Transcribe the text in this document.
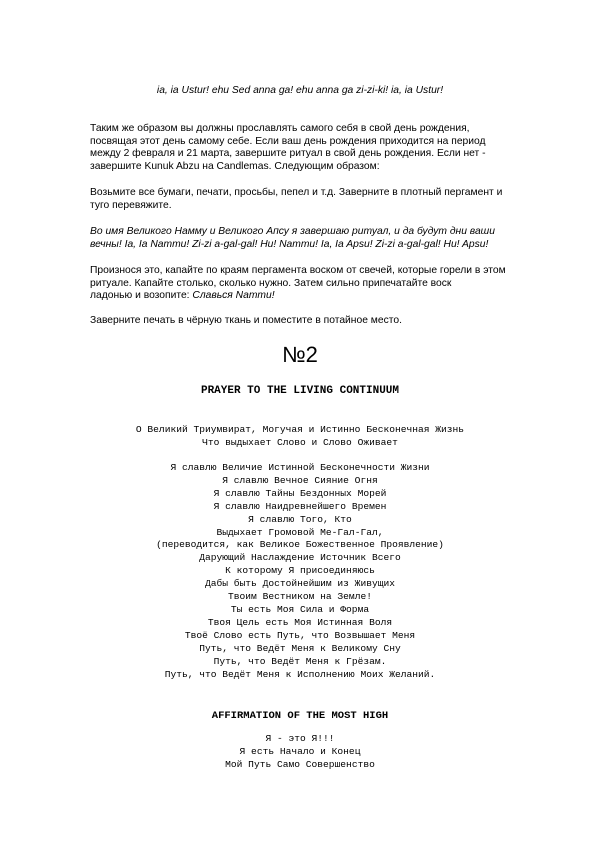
ia, ia Ustur! ehu Sed anna ga! ehu anna ga zi-zi-ki! ia, ia Ustur!

Таким же образом вы должны прославлять самого себя в свой день рождения,
посвящая этот день самому себе. Если ваш день рождения приходится на период
между 2 февраля и 21 марта, завершите ритуал в свой день рождения. Если нет -
завершите Kunuk Abzu на Candlemas. Следующим образом:

Возьмите все бумаги, печати, просьбы, пепел и т.д. Заверните в плотный пергамент и
туго перевяжите.

Во имя Великого Намму и Великого Апсу я завершаю ритуал, и да будут дни ваши
вечны! Ia, Ia Nammu! Zi-zi a-gal-gal! Hu! Nammu! Ia, Ia Apsu! Zi-zi a-gal-gal! Hu! Apsu!

Произнося это, капайте по краям пергамента воском от свечей, которые горели в этом
ритуале. Капайте столько, сколько нужно. Затем сильно припечатайте воск
ладонью и возопите: Славься Nammu!

Заверните печать в чёрную ткань и поместите в потайное место.

№2
PRAYER TO THE LIVING CONTINUUM
О Великий Триумвират, Могучая и Истинно Бесконечная Жизнь
Что выдыхает Слово и Слово Оживает
Я славлю Величие Истинной Бесконечности Жизни
Я славлю Вечное Сияние Огня
Я славлю Тайны Бездонных Морей
Я славлю Наидревнейшего Времен
Я славлю Того, Кто
Выдыхает Громовой Ме-Гал-Гал,
(переводится, как Великое Божественное Проявление)
Дарующий Наслаждение Источник Всего
К которому Я присоединяюсь
Дабы быть Достойнейшим из Живущих
Твоим Вестником на Земле!
Ты есть Моя Сила и Форма
Твоя Цель есть Моя Истинная Воля
Твоё Слово есть Путь, что Возвышает Меня
Путь, что Ведёт Меня к Великому Сну
Путь, что Ведёт Меня к Грёзам.
Путь, что Ведёт Меня к Исполнению Моих Желаний.
AFFIRMATION OF THE MOST HIGH
Я - это Я!!!
Я есть Начало и Конец
Мой Путь Само Совершенство
